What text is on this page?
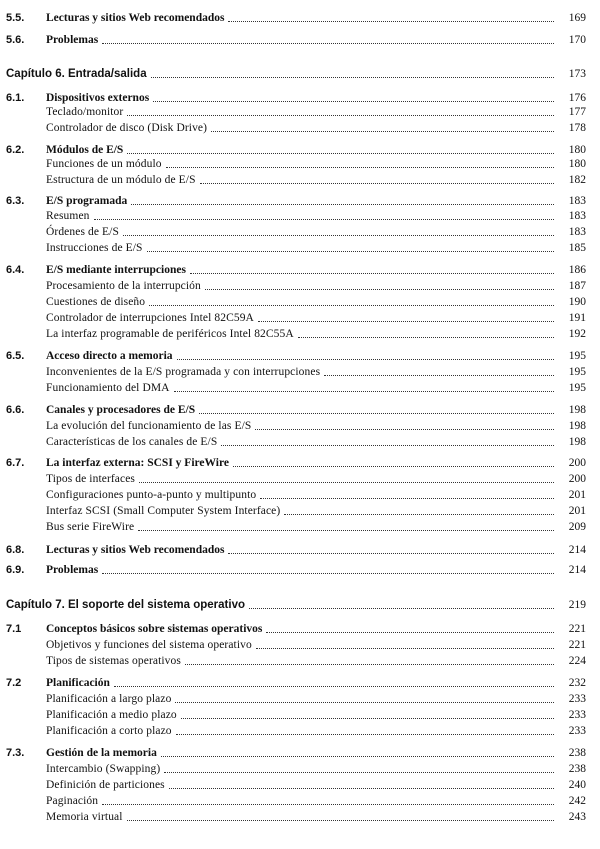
5.5.	Lecturas y sitios Web recomendados	169
5.6.	Problemas	170
Capítulo 6. Entrada/salida	173
6.1.	Dispositivos externos	176
Teclado/monitor	177
Controlador de disco (Disk Drive)	178
6.2.	Módulos de E/S	180
Funciones de un módulo	180
Estructura de un módulo de E/S	182
6.3.	E/S programada	183
Resumen	183
Órdenes de E/S	183
Instrucciones de E/S	185
6.4.	E/S mediante interrupciones	186
Procesamiento de la interrupción	187
Cuestiones de diseño	190
Controlador de interrupciones Intel 82C59A	191
La interfaz programable de periféricos Intel 82C55A	192
6.5.	Acceso directo a memoria	195
Inconvenientes de la E/S programada y con interrupciones	195
Funcionamiento del DMA	195
6.6.	Canales y procesadores de E/S	198
La evolución del funcionamiento de las E/S	198
Características de los canales de E/S	198
6.7.	La interfaz externa: SCSI y FireWire	200
Tipos de interfaces	200
Configuraciones punto-a-punto y multipunto	201
Interfaz SCSI (Small Computer System Interface)	201
Bus serie FireWire	209
6.8.	Lecturas y sitios Web recomendados	214
6.9.	Problemas	214
Capítulo 7. El soporte del sistema operativo	219
7.1	Conceptos básicos sobre sistemas operativos	221
Objetivos y funciones del sistema operativo	221
Tipos de sistemas operativos	224
7.2	Planificación	232
Planificación a largo plazo	233
Planificación a medio plazo	233
Planificación a corto plazo	233
7.3.	Gestión de la memoria	238
Intercambio (Swapping)	238
Definición de particiones	240
Paginación	242
Memoria virtual	243
